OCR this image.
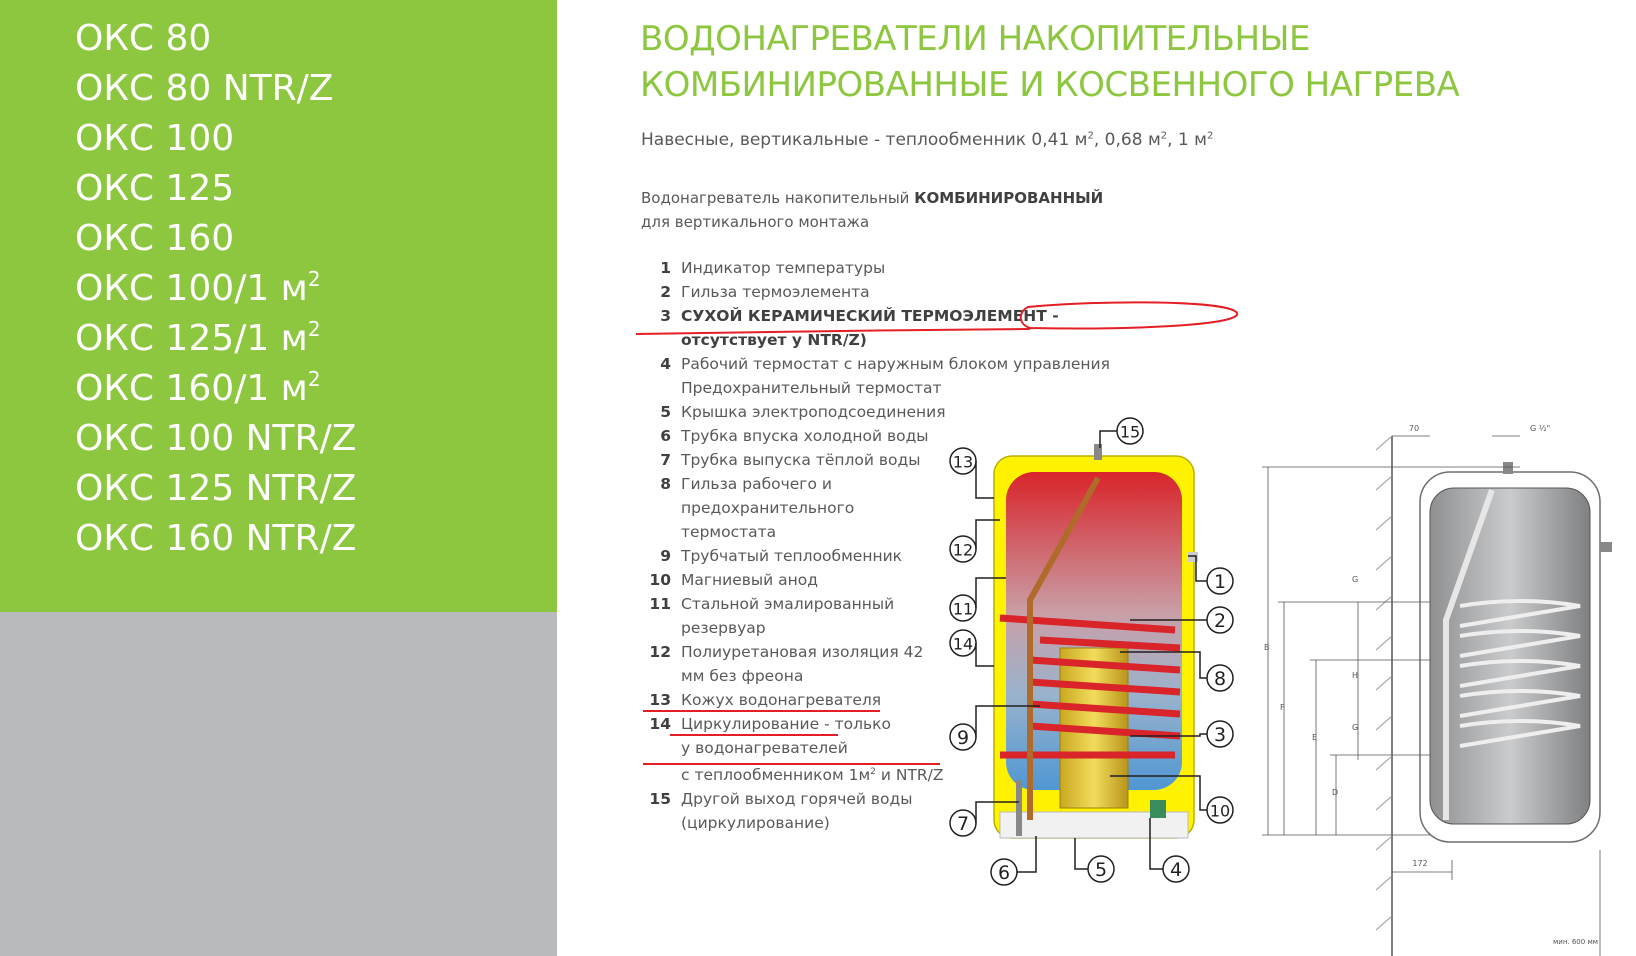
ОКС 80
ОКС 80 NTR/Z
ОКС 100
ОКС 125
ОКС 160
ОКС 100/1 $м^2$
ОКС 125/1 $м^2$
ОКС 160/1 $м^2$
ОКС 100 NTR/Z
ОКС 125 NTR/Z
ОКС 160 NTR/Z
ВОДОНАГРЕВАТЕЛИ НАКОПИТЕЛЬНЫЕ
КОМБИНИРОВАННЫЕ И КОСВЕННОГО НАГРЕВА
Навесные, вертикальные - теплообменник 0,41 $м^2$, 0,68 $м^2$, 1 $м^2$
Водонагреватель накопительный КОМБИНИРОВАННЫЙ
для вертикального монтажа
1 Индикатор температуры
2 Гильза термоэлемента
3 СУХОЙ КЕРАМИЧЕСКИЙ ТЕРМОЭЛЕМЕНТ - отсутствует у NTR/Z)
4 Рабочий термостат с наружным блоком управления
Предохранительный термостат
5 Крышка электроподсоединения
6 Трубка впуска холодной воды
7 Трубка выпуска тёплой воды
8 Гильза рабочего и
предохранительного
термостата
9 Трубчатый теплообменник
10 Магниевый анод
11 Стальной эмалированный
резервуар
12 Полиуретановая изоляция 42
мм без фреона
13 Кожух водонагревателя
14 Циркулирование - только
у водонагревателей
с теплообменником $1м^2$ и NTR/Z
15 Другой выход горячей воды
(циркулирование)
1
2
3
4
5
6
7
8
9
10
11
12
13
14
15	70	G ½"
172
мин. 600 мм
B
F
E
D
G
H
G
